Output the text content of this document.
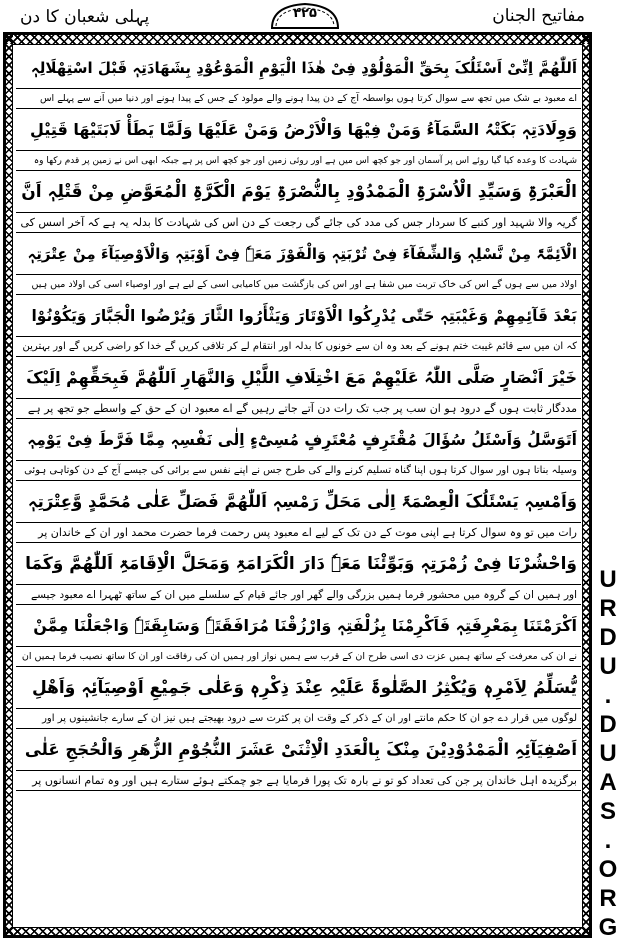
پہلی شعبان کا دن	۳۲۵	مفاتیح الجنان
اَللّٰھُمَّ اِنِّیْ اَسْئَلُکَ بِحَقِّ الْمَوْلُوْدِ فِیْ ھٰذَا الْیَوْمِ الْمَوْعُوْدِ بِشَھَادَتِہٖ قَبْلَ اسْتِھْلَالِہٖ
اے معبود بے شک میں تجھ سے سوال کرتا ہوں بواسطہ آج کے دن پیدا ہونے والے مولود کے جس کے پیدا ہونے اور دنیا میں آنے سے پہلے اس
وَوِلَادَتِہٖ بَکَتْہُ السَّمَآءُ وَمَنْ فِیْھَا وَالْاَرْضُ وَمَنْ عَلَیْھَا وَلَمَّا یَطَأْ لَابَتَیْھَا قَتِیْلِ
شہادت کا وعدہ کیا گیا روئے اس پر آسمان اور جو کچھ اس میں ہے اور روئی زمین اور جو کچھ اس پر ہے جبکہ ابھی اس نے زمین پر قدم رکھا وہ
الْعَبْرَۃِ وَسَیِّدِ الْاُسْرَۃِ الْمَمْدُوْدِ بِالنُّصْرَۃِ یَوْمَ الْکَرَّۃِ الْمُعَوَّضِ مِنْ قَتْلِہٖ اَنَّ
گریہ والا شہید اور کنبے کا سردار جس کی مدد کی جائے گی رجعت کے دن اس کی شہادت کا بدلہ یہ ہے کہ آخر اسس کی
الْاَئِمَّۃَ مِنْ نَّسْلِہٖ وَالشِّفَآءَ فِیْ تُرْبَتِہٖ وَالْفَوْزَ مَعَہٗ فِیْ اَوْبَتِہٖ وَالْاَوْصِیَآءَ مِنْ عِتْرَتِہٖ
اولاد میں سے ہوں گے اس کی خاک تربت میں شفا ہے اور اس کی بازگشت میں کامیابی اسی کے لیے ہے اور اوصیاء اسی کی اولاد میں ہیں
بَعْدَ قَآئِمِھِمْ وَغَیْبَتِہٖ حَتّٰی یُدْرِکُوا الْاَوْتَارَ وَیَثْأَرُوا الثَّارَ وَیُرْضُوا الْجَبَّارَ وَیَکُوْنُوْا
کہ ان میں سے قائم غیبت ختم ہونے کے بعد وہ ان سے خونوں کا بدلہ اور انتقام لے کر تلافی کریں گے خدا کو راضی کریں گے اور بہترین
خَیْرَ اَنْصَارٍ صَلَّی اللّٰہُ عَلَیْھِمْ مَعَ اخْتِلَافِ اللَّیْلِ وَالنَّھَارِ اَللّٰھُمَّ فَبِحَقِّھِمْ اِلَیْکَ
مددگار ثابت ہوں گے درود ہو ان سب پر جب تک رات دن آتے جاتے رہیں گے اے معبود ان کے حق کے واسطے جو تجھ پر ہے
اَتَوَسَّلُ وَاَسْئَلُ سُؤَالَ مُقْتَرِفٍ مُعْتَرِفٍ مُسِیْٓءٍ اِلٰی نَفْسِہٖ مِمَّا فَرَّطَ فِیْ یَوْمِہٖ
وسیلہ بناتا ہوں اور سوال کرتا ہوں اپنا گناہ تسلیم کرنے والے کی طرح جس نے اپنے نفس سے برائی کی جیسے آج کے دن کوتاہی ہوئی
وَاَمْسِہٖ یَسْئَلُکَ الْعِصْمَۃَ اِلٰی مَحَلِّ رَمْسِہٖ اَللّٰھُمَّ فَصَلِّ عَلٰی مُحَمَّدٍ وَّعِتْرَتِہٖ
رات میں تو وہ سوال کرتا ہے اپنی موت کے دن تک کے لیے اے معبود پس رحمت فرما حضرت محمد اور ان کے خاندان پر
وَاحْشُرْنَا فِیْ زُمْرَتِہٖ وَبَوِّئْنَا مَعَہٗ دَارَ الْکَرَامَۃِ وَمَحَلَّ الْاِقَامَۃِ اَللّٰھُمَّ وَکَمَا
اور ہمیں ان کے گروہ میں محشور فرما ہمیں بزرگی والے گھر اور جائے قیام کے سلسلے میں ان کے ساتھ ٹھہرا اے معبود جیسے
اَکْرَمْتَنَا بِمَعْرِفَتِہٖ فَاَکْرِمْنَا بِزُلْفَتِہٖ وَارْزُقْنَا مُرَافَقَتَہٗ وَسَابِقَتَہٗ وَاجْعَلْنَا مِمَّنْ
نے ان کی معرفت کے ساتھ ہمیں عزت دی اسی طرح ان کے قرب سے ہمیں نواز اور ہمیں ان کی رفاقت اور ان کا ساتھ نصیب فرما ہمیں ان
یُّسَلِّمُ لِاَمْرِہٖ وَیُکْثِرُ الصَّلٰوۃَ عَلَیْہِ عِنْدَ ذِکْرِہٖ وَعَلٰی جَمِیْعِ اَوْصِیَآئِہٖ وَاَھْلِ
لوگوں میں قرار دے جو ان کا حکم مانتے اور ان کے ذکر کے وقت ان پر کثرت سے درود بھیجتے ہیں نیز ان کے سارے جانشینوں پر اور
اَصْفِیَآئِہِ الْمَمْدُوْدِیْنَ مِنْکَ بِالْعَدَدِ الْاِثْنَیْ عَشَرَ النُّجُوْمِ الزُّھَرِ وَالْحُجَجِ عَلٰی
برگزیدہ اہل خاندان پر جن کی تعداد کو تو نے بارہ تک پورا فرمایا ہے جو چمکتے ہوئے ستارے ہیں اور وہ تمام انسانوں پر
U
R
D
U
.
D
U
A
S
.
O
R
G
